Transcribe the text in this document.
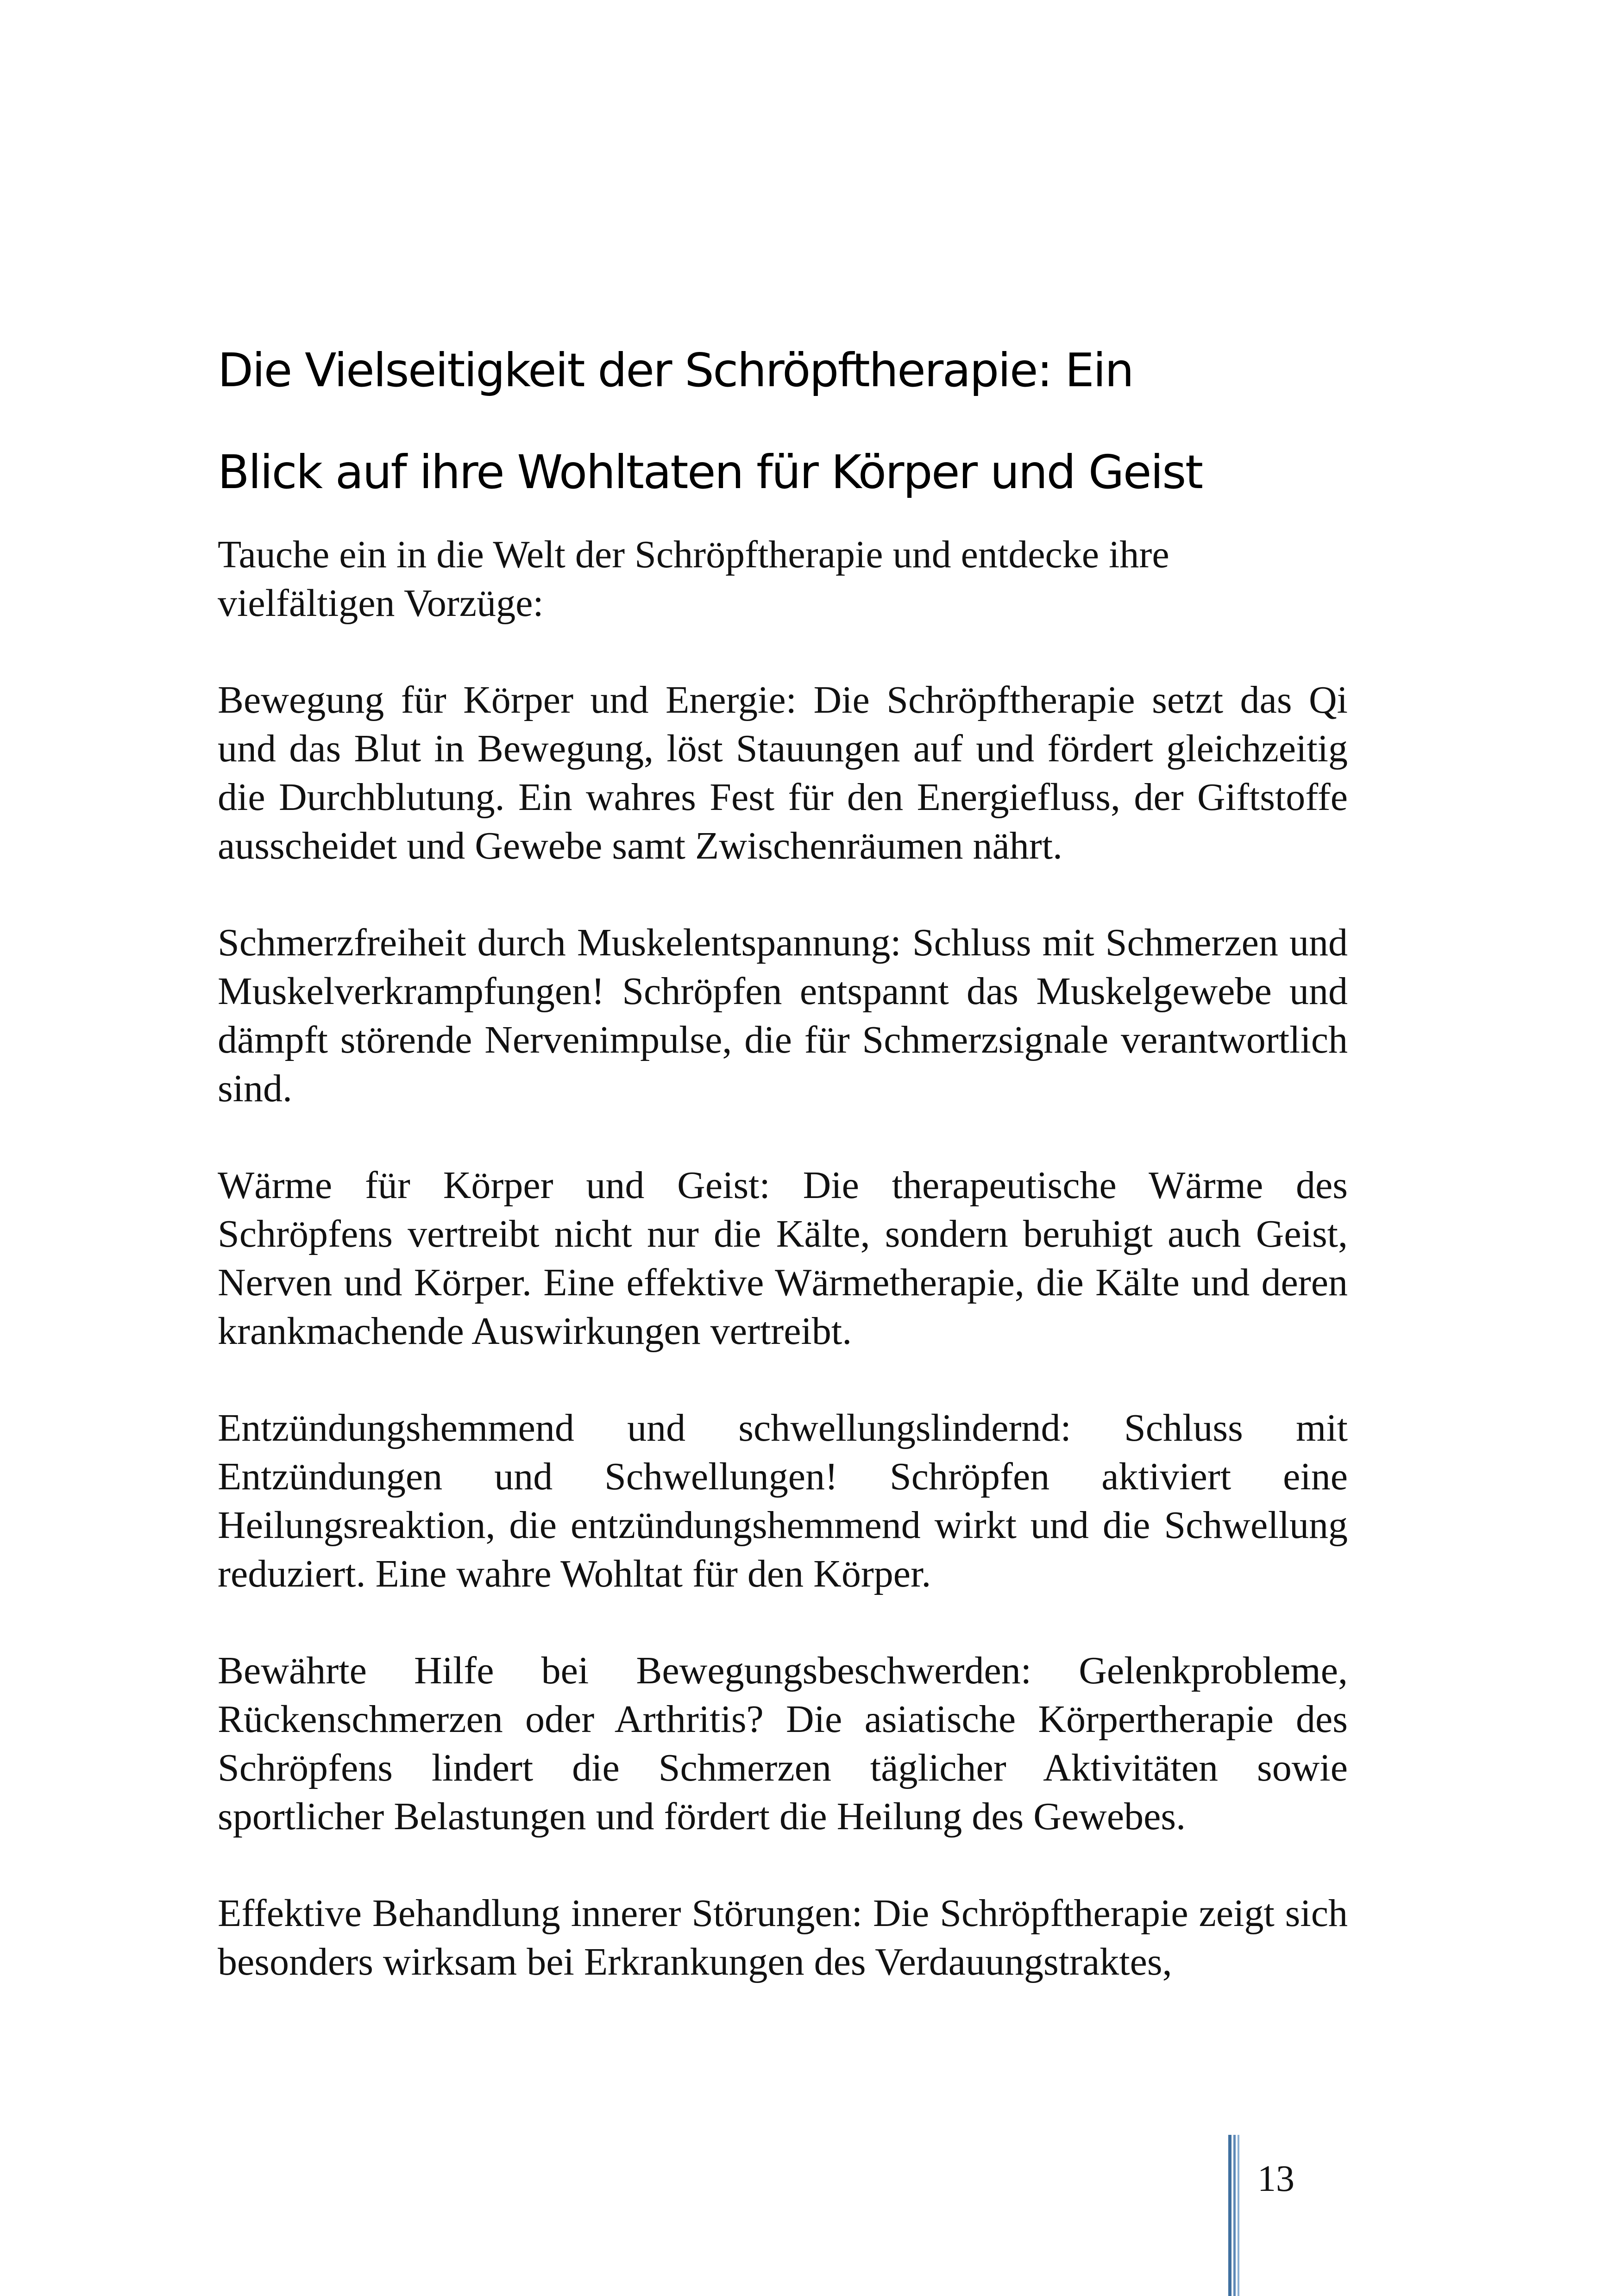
Die Vielseitigkeit der Schröpftherapie: Ein
Blick auf ihre Wohltaten für Körper und Geist

Tauche ein in die Welt der Schröpftherapie und entdecke ihre vielfältigen Vorzüge:

Bewegung für Körper und Energie: Die Schröpftherapie setzt das Qi und das Blut in Bewegung, löst Stauungen auf und fördert gleichzeitig die Durchblutung. Ein wahres Fest für den Energiefluss, der Giftstoffe ausscheidet und Gewebe samt Zwischenräumen nährt.

Schmerzfreiheit durch Muskelentspannung: Schluss mit Schmerzen und Muskelverkrampfungen! Schröpfen entspannt das Muskelgewebe und dämpft störende Nervenimpulse, die für Schmerzsignale verantwortlich sind.

Wärme für Körper und Geist: Die therapeutische Wärme des Schröpfens vertreibt nicht nur die Kälte, sondern beruhigt auch Geist, Nerven und Körper. Eine effektive Wärmetherapie, die Kälte und deren krankmachende Auswirkungen vertreibt.

Entzündungshemmend und schwellungslindernd: Schluss mit Entzündungen und Schwellungen! Schröpfen aktiviert eine Heilungsreaktion, die entzündungshemmend wirkt und die Schwellung reduziert. Eine wahre Wohltat für den Körper.

Bewährte Hilfe bei Bewegungsbeschwerden: Gelenkprobleme, Rückenschmerzen oder Arthritis? Die asiatische Körpertherapie des Schröpfens lindert die Schmerzen täglicher Aktivitäten sowie sportlicher Belastungen und fördert die Heilung des Gewebes.

Effektive Behandlung innerer Störungen: Die Schröpftherapie zeigt sich besonders wirksam bei Erkrankungen des Verdauungstraktes,

13
